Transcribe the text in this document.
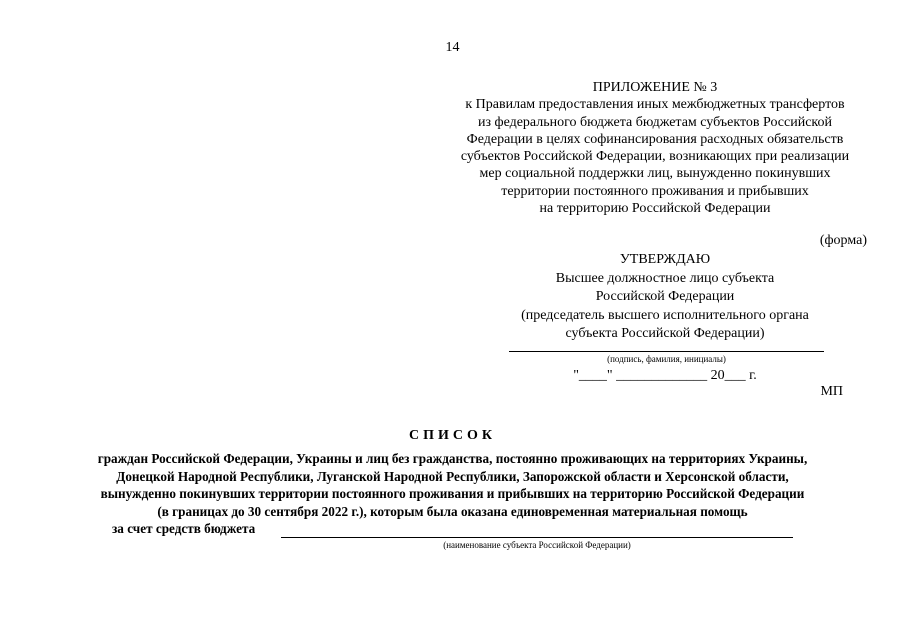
14
ПРИЛОЖЕНИЕ № 3
к Правилам предоставления иных межбюджетных трансфертов
из федерального бюджета бюджетам субъектов Российской
Федерации в целях софинансирования расходных обязательств
субъектов Российской Федерации, возникающих при реализации
мер социальной поддержки лиц, вынужденно покинувших
территории постоянного проживания и прибывших
на территорию Российской Федерации
(форма)
УТВЕРЖДАЮ
Высшее должностное лицо субъекта
Российской Федерации
(председатель высшего исполнительного органа
субъекта Российской Федерации)
(подпись, фамилия, инициалы)
"____" _____________ 20___ г.
МП
СПИСОК
граждан Российской Федерации, Украины и лиц без гражданства, постоянно проживающих на территориях Украины,
Донецкой Народной Республики, Луганской Народной Республики, Запорожской области и Херсонской области,
вынужденно покинувших территории постоянного проживания и прибывших на территорию Российской Федерации
(в границах до 30 сентября 2022 г.), которым была оказана единовременная материальная помощь
за счет средств бюджета
(наименование субъекта Российской Федерации)
